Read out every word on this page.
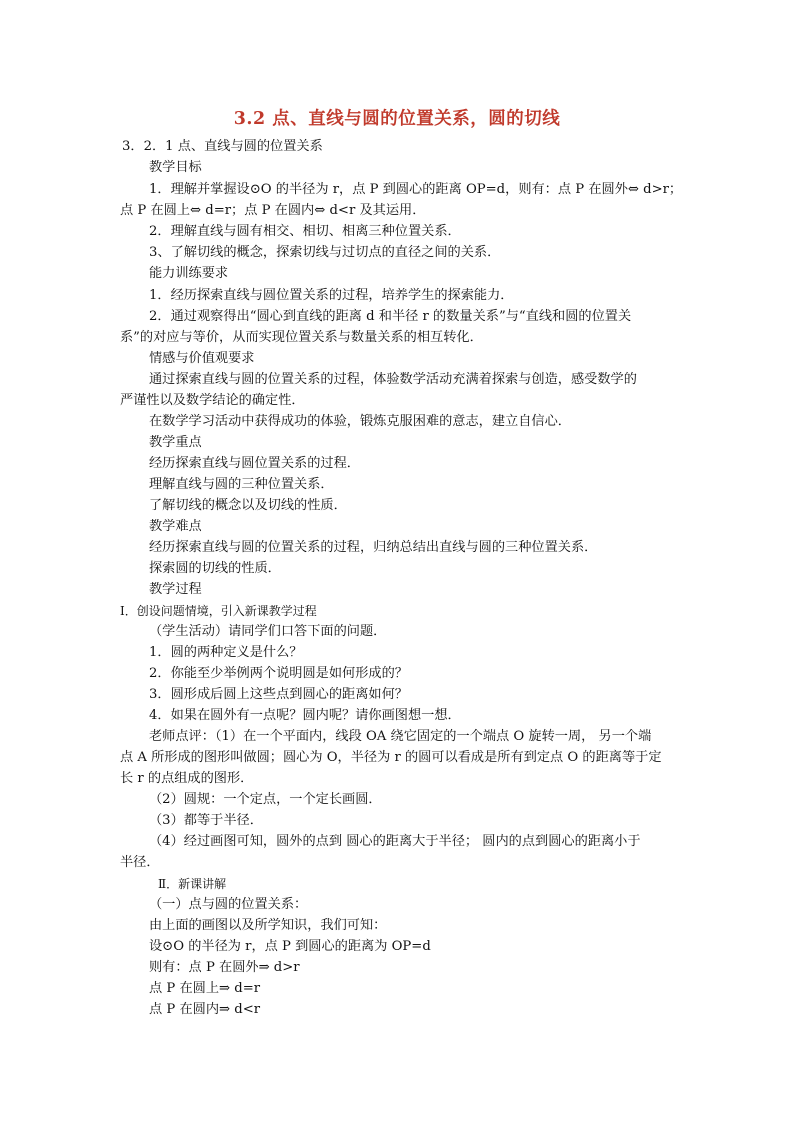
3.2 点、直线与圆的位置关系，圆的切线
3．2．1 点、直线与圆的位置关系
教学目标
1．理解并掌握设⊙O 的半径为 r，点 P 到圆心的距离 OP=d，则有：点 P 在圆外⇔ d>r；
点 P 在圆上⇔ d=r；点 P 在圆内⇔ d<r 及其运用．
2．理解直线与圆有相交、相切、相离三种位置关系．
3、了解切线的概念，探索切线与过切点的直径之间的关系．
能力训练要求
1．经历探索直线与圆位置关系的过程，培养学生的探索能力．
2．通过观察得出“圆心到直线的距离 d 和半径 r 的数量关系”与“直线和圆的位置关
系”的对应与等价，从而实现位置关系与数量关系的相互转化．
情感与价值观要求
通过探索直线与圆的位置关系的过程，体验数学活动充满着探索与创造，感受数学的
严谨性以及数学结论的确定性．
在数学学习活动中获得成功的体验，锻炼克服困难的意志，建立自信心．
教学重点
经历探索直线与圆位置关系的过程．
理解直线与圆的三种位置关系．
了解切线的概念以及切线的性质．
教学难点
经历探索直线与圆的位置关系的过程，归纳总结出直线与圆的三种位置关系．
探索圆的切线的性质．
教学过程
Ⅰ．创设问题情境，引入新课教学过程
（学生活动）请同学们口答下面的问题．
1．圆的两种定义是什么？
2．你能至少举例两个说明圆是如何形成的？
3．圆形成后圆上这些点到圆心的距离如何？
4．如果在圆外有一点呢？圆内呢？请你画图想一想．
老师点评：（1）在一个平面内，线段 OA 绕它固定的一个端点 O 旋转一周， 另一个端
点 A 所形成的图形叫做圆；圆心为 O，半径为 r 的圆可以看成是所有到定点 O 的距离等于定
长 r 的点组成的图形．
（2）圆规：一个定点，一个定长画圆．
（3）都等于半径．
（4）经过画图可知，圆外的点到 圆心的距离大于半径； 圆内的点到圆心的距离小于
半径．
Ⅱ．新课讲解
（一）点与圆的位置关系：
由上面的画图以及所学知识，我们可知：
设⊙O 的半径为 r，点 P 到圆心的距离为 OP=d
则有：点 P 在圆外⇒ d>r
点 P 在圆上⇒ d=r
点 P 在圆内⇒ d<r
